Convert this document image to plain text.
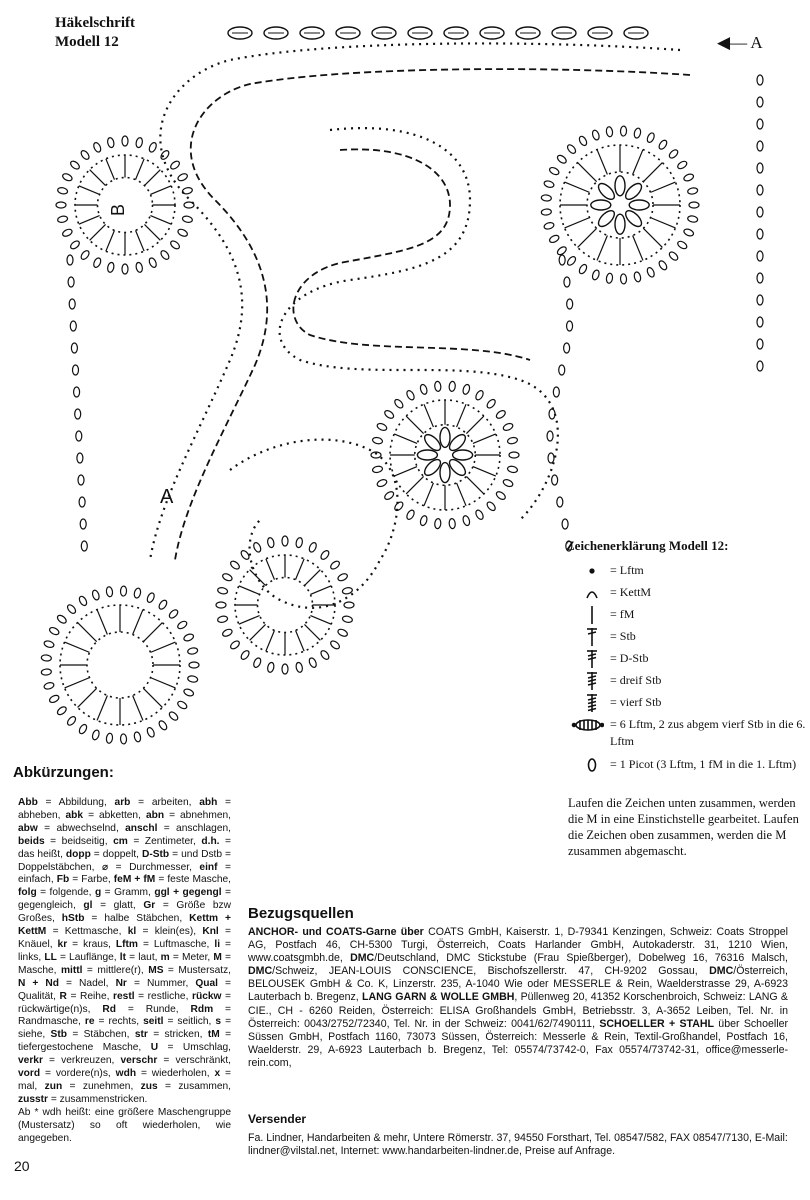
B
A
Häkelschrift
Modell 12	◀— A
Zeichenerklärung Modell 12:
= Lftm
= KettM
= fM
= Stb
= D-Stb
= dreif Stb
= vierf Stb
= 6 Lftm, 2 zus abgem vierf Stb in die 6. Lftm
= 1 Picot (3 Lftm, 1 fM in die 1. Lftm)
Laufen die Zeichen unten zusammen, werden die M in eine Einstichstelle gearbeitet. Laufen die Zeichen oben zusammen, werden die M zusammen abgemascht.
Abkürzungen:
Abb = Abbildung, arb = arbeiten, abh = abheben, abk = abketten, abn = abnehmen, abw = abwechselnd, anschl = anschlagen, beids = beidseitig, cm = Zentimeter, d.h. = das heißt, dopp = doppelt, D-Stb = und Dstb = Doppelstäbchen, ⌀ = Durchmesser, einf = einfach, Fb = Farbe, feM + fM = feste Masche, folg = folgende, g = Gramm, ggl + gegengl = gegengleich, gl = glatt, Gr = Größe bzw Großes, hStb = halbe Stäbchen, Kettm + KettM = Kettmasche, kl = klein(es), Knl = Knäuel, kr = kraus, Lftm = Luftmasche, li = links, LL = Lauflänge, lt = laut, m = Meter, M = Masche, mittl = mittlere(r), MS = Mustersatz, N + Nd = Nadel, Nr = Nummer, Qual = Qualität, R = Reihe, restl = restliche, rückw = rückwärtige(n)s, Rd = Runde, Rdm = Randmasche, re = rechts, seitl = seitlich, s = siehe, Stb = Stäbchen, str = stricken, tM = tiefergestochene Masche, U = Umschlag, verkr = verkreuzen, verschr = verschränkt, vord = vordere(n)s, wdh = wiederholen, x = mal, zun = zunehmen, zus = zusammen, zusstr = zusammenstricken.
Ab * wdh heißt: eine größere Maschengruppe (Mustersatz) so oft wiederholen, wie angegeben.
Bezugsquellen
ANCHOR- und COATS-Garne über COATS GmbH, Kaiserstr. 1, D-79341 Kenzingen, Schweiz: Coats Stroppel AG, Postfach 46, CH-5300 Turgi, Österreich, Coats Harlander GmbH, Autokaderstr. 31, 1210 Wien, www.coatsgmbh.de, DMC/Deutschland, DMC Stickstube (Frau Spießberger), Dobelweg 16, 76316 Malsch, DMC/Schweiz, JEAN-LOUIS CONSCIENCE, Bischofszellerstr. 47, CH-9202 Gossau, DMC/Österreich, BELOUSEK GmbH & Co. K, Linzerstr. 235, A-1040 Wie oder MESSERLE & Rein, Waelderstrasse 29, A-6923 Lauterbach b. Bregenz, LANG GARN & WOLLE GMBH, Püllenweg 20, 41352 Korschenbroich, Schweiz: LANG & CIE., CH - 6260 Reiden, Österreich: ELISA Großhandels GmbH, Betriebsstr. 3, A-3652 Leiben, Tel. Nr. in Österreich: 0043/2752/72340, Tel. Nr. in der Schweiz: 0041/62/7490111, SCHOELLER + STAHL über Schoeller Süssen GmbH, Postfach 1160, 73073 Süssen, Österreich: Messerle & Rein, Textil-Großhandel, Postfach 16, Waelderstr. 29, A-6923 Lauterbach b. Bregenz, Tel: 05574/73742-0, Fax 05574/73742-31, office@messerle-rein.com,
Versender
Fa. Lindner, Handarbeiten & mehr, Untere Römerstr. 37, 94550 Forsthart, Tel. 08547/582, FAX 08547/7130, E-Mail: lindner@vilstal.net, Internet: www.handarbeiten-lindner.de, Preise auf Anfrage.
20
